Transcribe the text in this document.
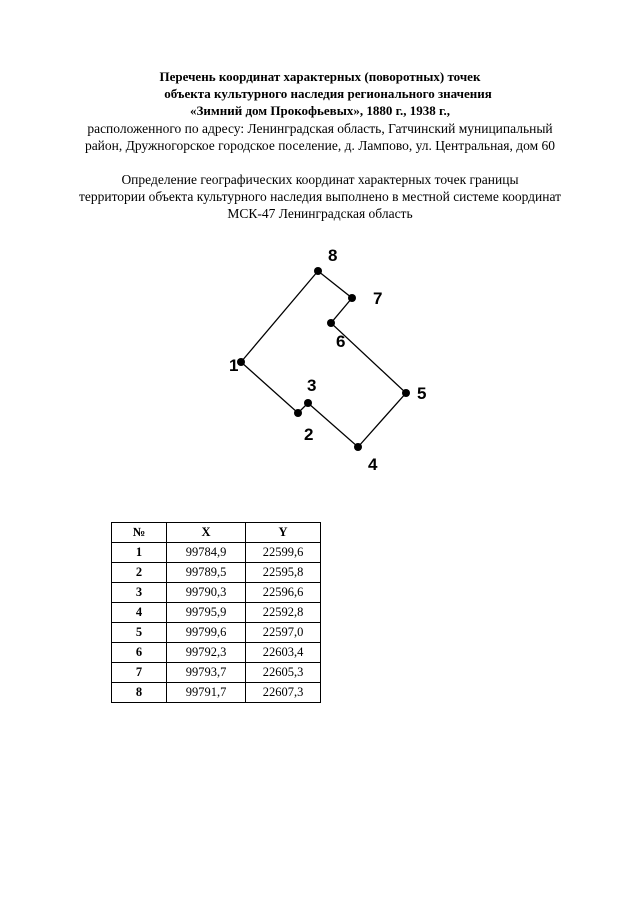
Перечень координат характерных (поворотных) точек
объекта культурного наследия регионального значения
«Зимний дом Прокофьевых», 1880 г., 1938 г.,
расположенного по адресу: Ленинградская область, Гатчинский муниципальный
район, Дружногорское городское поселение, д. Лампово, ул. Центральная, дом 60
Определение географических координат характерных точек границы
территории объекта культурного наследия выполнено в местной системе координат
МСК-47 Ленинградская область
1
2
3
4
5
6
7
8
№	X	Y
1	99784,9	22599,6
2	99789,5	22595,8
3	99790,3	22596,6
4	99795,9	22592,8
5	99799,6	22597,0
6	99792,3	22603,4
7	99793,7	22605,3
8	99791,7	22607,3
